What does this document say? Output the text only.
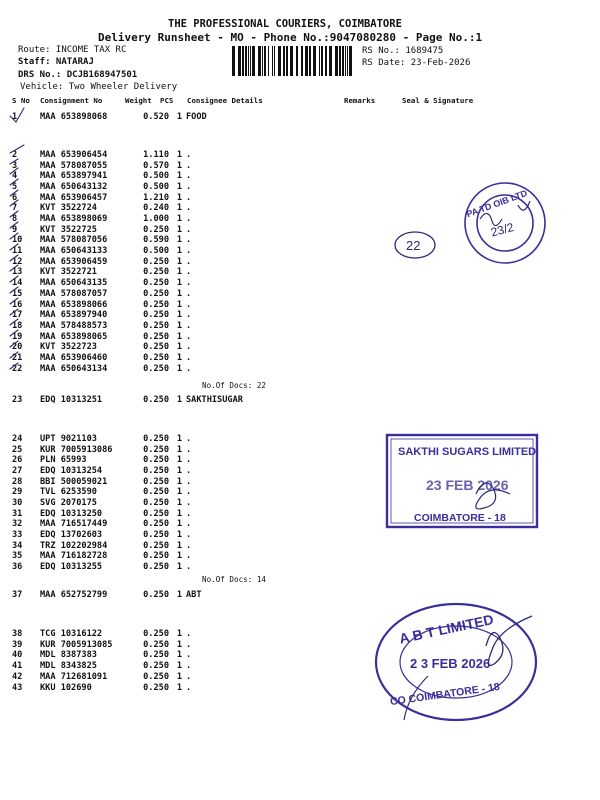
THE PROFESSIONAL COURIERS, COIMBATORE
Delivery Runsheet - MO - Phone No.:9047080280 - Page No.:1
Route: INCOME TAX RC
Staff: NATARAJ
DRS No.: DCJB168947501
Vehicle: Two Wheeler Delivery
RS No.: 1689475
RS Date: 23-Feb-2026
S No Consignment No	Weight PCS Consignee Details	Remarks	Seal & Signature
1	MAA 653898068	0.520 1 FOOD
2	MAA 653906454	1.110 1 .
3	MAA 578087055	0.570 1 .
4	MAA 653897941	0.500 1 .
5	MAA 650643132	0.500 1 .
6	MAA 653906457	1.210 1 .
7	KVT 3522724	0.240 1 .
8	MAA 653898069	1.000 1 .
9	KVT 3522725	0.250 1 .
10 MAA 578087056	0.590 1 .
11 MAA 650643133	0.500 1 .
12 MAA 653906459	0.250 1 .
13 KVT 3522721	0.250 1 .
14 MAA 650643135	0.250 1 .
15 MAA 578087057	0.250 1 .
16 MAA 653898066	0.250 1 .
17 MAA 653897940	0.250 1 .
18 MAA 578488573	0.250 1 .
19 MAA 653898065	0.250 1 .
20 KVT 3522723	0.250 1 .
21 MAA 653906460	0.250 1 .
22 MAA 650643134	0.250 1 .
No.Of Docs: 22
23 EDQ 10313251	0.250 1 SAKTHISUGAR
24 UPT 9021103	0.250 1 .
25 KUR 7005913086	0.250 1 .
26 PLN 65993	0.250 1 .
27 EDQ 10313254	0.250 1 .
28 BBI 500059021	0.250 1 .
29 TVL 6253590	0.250 1 .
30 SVG 2070175	0.250 1 .
31 EDQ 10313250	0.250 1 .
32 MAA 716517449	0.250 1 .
33 EDQ 13702603	0.250 1 .
34 TRZ 102202984	0.250 1 .
35 MAA 716182728	0.250 1 .
36 EDQ 10313255	0.250 1 .
No.Of Docs: 14
37 MAA 652752799	0.250 1 ABT
38 TCG 10316122	0.250 1 .
39 KUR 7005913085	0.250 1 .
40 MDL 8387383	0.250 1 .
41 MDL 8343825	0.250 1 .
42 MAA 712681091	0.250 1 .
43 KKU 102690	0.250 1 .
22
PA TD OIB LTD
23/2
SAKTHI SUGARS LIMITED
23 FEB 2026
COIMBATORE - 18
A B T LIMITED
2 3 FEB 2026
CO COIMBATORE - 18
